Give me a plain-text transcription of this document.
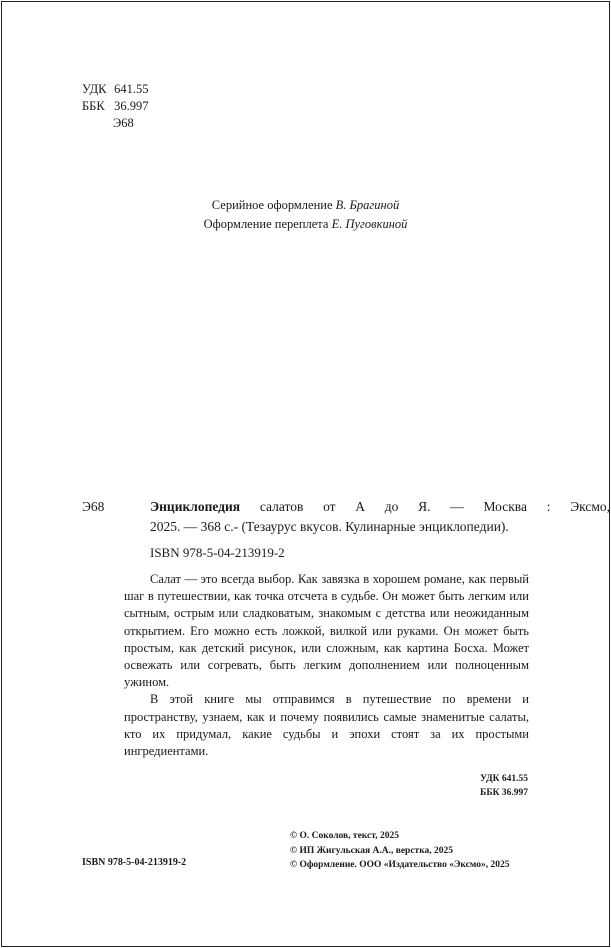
УДК 641.55
ББК 36.997
Э68
Серийное оформление В. Брагиной
Оформление переплета Е. Пуговкиной
Э68	Энциклопедия салатов от А до Я. — Москва : Эксмо,
2025. — 368 с.- (Тезаурус вкусов. Кулинарные энциклопедии).
ISBN 978-5-04-213919-2

Салат — это всегда выбор. Как завязка в хорошем романе, как первый шаг в путешествии, как точка отсчета в судьбе. Он может быть легким или сытным, острым или сладковатым, знакомым с детства или неожиданным открытием. Его можно есть ложкой, вилкой или руками. Он может быть простым, как детский рисунок, или сложным, как картина Босха. Может освежать или согревать, быть легким дополнением или полноценным ужином.

В этой книге мы отправимся в путешествие по времени и пространству, узнаем, как и почему появились самые знаменитые салаты, кто их придумал, какие судьбы и эпохи стоят за их простыми ингредиентами.

УДК 641.55
ББК 36.997
© О. Соколов, текст, 2025
© ИП Жигульская А.А., верстка, 2025
© Оформление. ООО «Издательство «Эксмо», 2025
ISBN 978-5-04-213919-2
